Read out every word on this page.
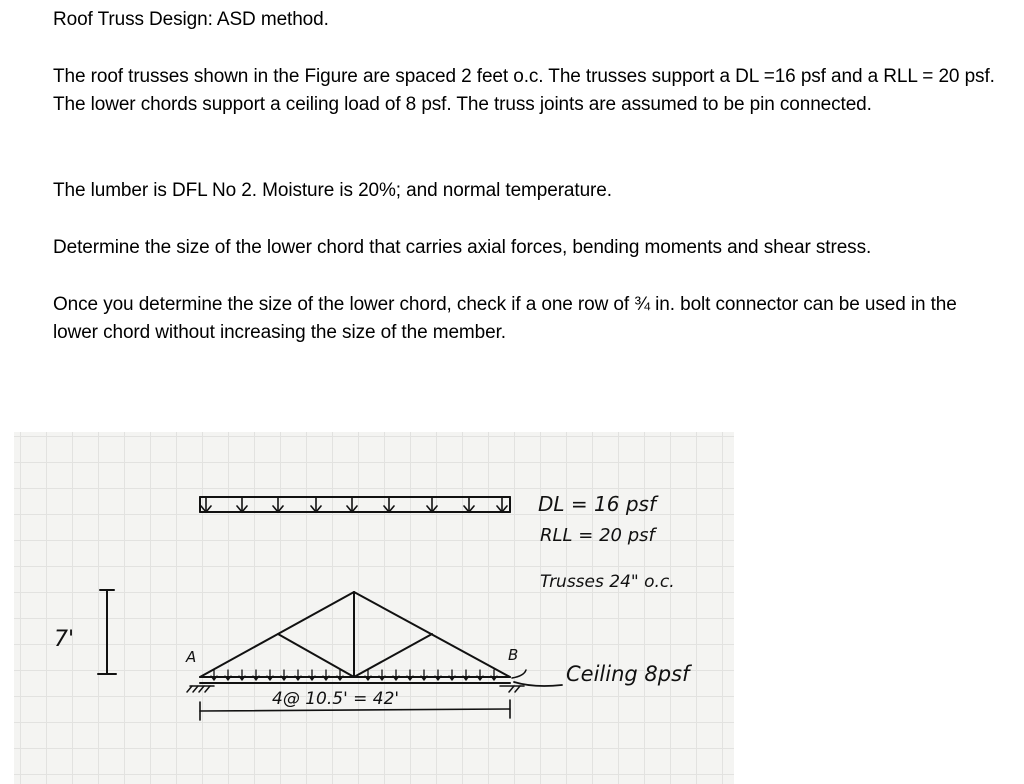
Roof Truss Design: ASD method.

The roof trusses shown in the Figure are spaced 2 feet o.c. The trusses support a DL =16 psf and a RLL = 20 psf. The lower chords support a ceiling load of 8 psf. The truss joints are assumed to be pin connected.

The lumber is DFL No 2. Moisture is 20%; and normal temperature.

Determine the size of the lower chord that carries axial forces, bending moments and shear stress.

Once you determine the size of the lower chord, check if a one row of ¾ in. bolt connector can be used in the lower chord without increasing the size of the member.

7'
A	B
4@ 10.5' = 42'
DL = 16 psf
RLL = 20 psf
Trusses 24" o.c.
Ceiling 8psf
